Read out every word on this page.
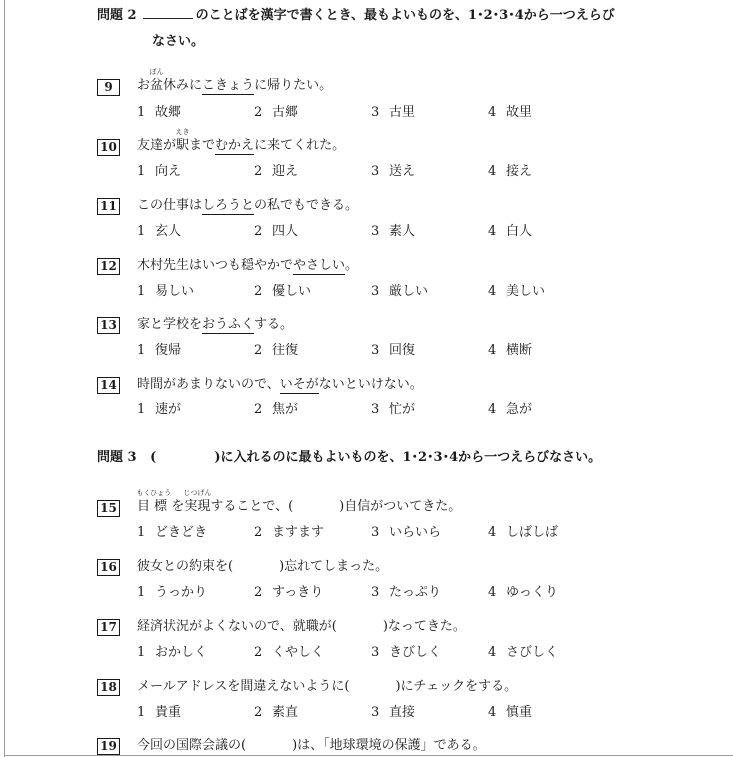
問題 2	のことばを漢字で書くとき、最もよいものを、1･2･3･4から一つえらび
なさい。
9	お
ぼん
盆休みにこきょうに帰りたい。
1 故郷	2 古郷	3 古里	4 故里
10 友達が
えき
駅までむかえに来てくれた。
1 向え	2 迎え	3 送え	4 接え
11 この仕事はしろうとの私でもできる。
1 玄人	2 四人	3 素人	4 白人
12 木村先生はいつも穏やかでやさしい。
1 易しい	2 優しい	3 厳しい	4 美しい
13 家と学校をおうふくする。
1 復帰	2 往復	3 回復	4 横断
14 時間があまりないので、いそがないといけない。
1 速が	2 焦が	3 忙が	4 急が
問題 3 (	)に入れるのに最もよいものを、1･2･3･4から一つえらびなさい。
15
もく
目
ひょう
標 を
じつげん
実現することで、(	)自信がついてきた。
1 どきどき	2 ますます	3 いらいら	4 しばしば
16 彼女との約束を(	)忘れてしまった。
1 うっかり	2 すっきり	3 たっぷり	4 ゆっくり
17 経済状況がよくないので、就職が(	)なってきた。
1 おかしく	2 くやしく	3 きびしく	4 さびしく
18 メールアドレスを間違えないように(	)にチェックをする。
1 貴重	2 素直	3 直接	4 慎重
19 今回の国際会議の(	)は、「地球環境の保護」である。
